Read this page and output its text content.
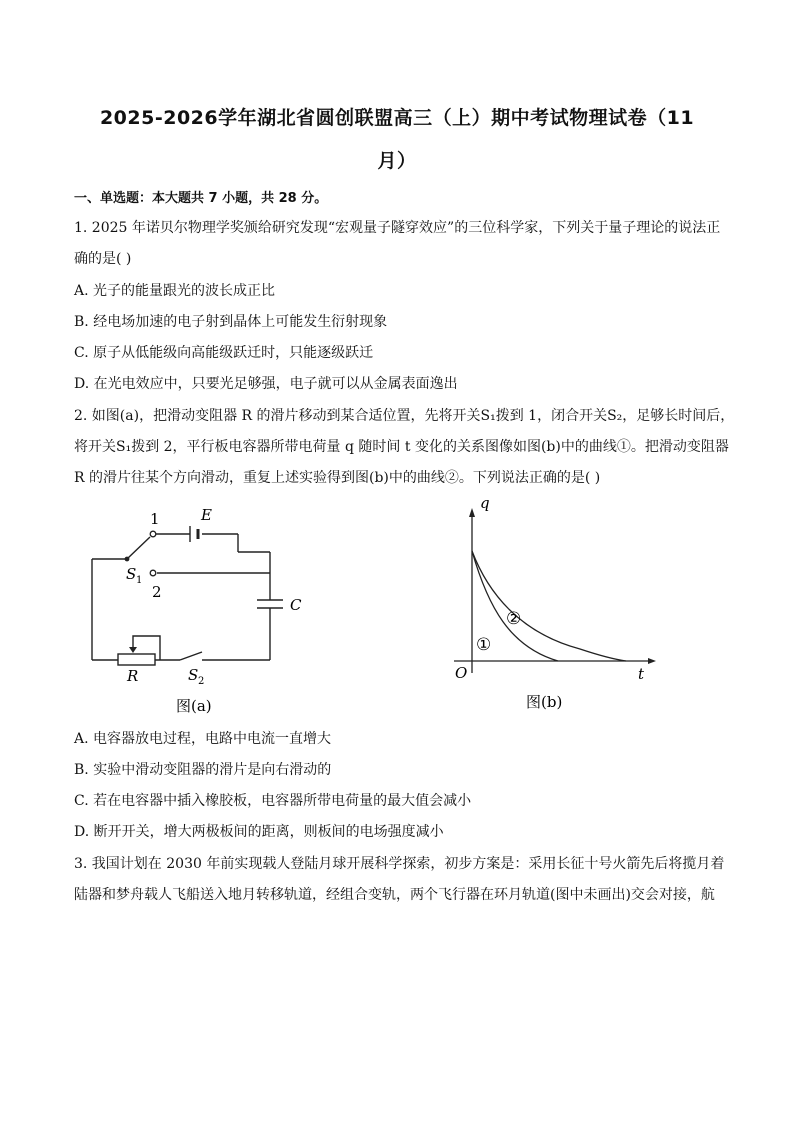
2025-2026学年湖北省圆创联盟高三（上）期中考试物理试卷（11
月）
一、单选题：本大题共 7 小题，共 28 分。
1. 2025 年诺贝尔物理学奖颁给研究发现“宏观量子隧穿效应”的三位科学家，下列关于量子理论的说法正
确的是( )
A. 光子的能量跟光的波长成正比
B. 经电场加速的电子射到晶体上可能发生衍射现象
C. 原子从低能级向高能级跃迁时，只能逐级跃迁
D. 在光电效应中，只要光足够强，电子就可以从金属表面逸出
2. 如图(a)，把滑动变阻器 R 的滑片移动到某合适位置，先将开关S₁拨到 1，闭合开关S₂，足够长时间后，
将开关S₁拨到 2，平行板电容器所带电荷量 q 随时间 t 变化的关系图像如图(b)中的曲线①。把滑动变阻器
R 的滑片往某个方向滑动，重复上述实验得到图(b)中的曲线②。下列说法正确的是( )
1
2
E
C
R
S 1
S 2
图(a)
q
t
O
①
②
图(b)
A. 电容器放电过程，电路中电流一直增大
B. 实验中滑动变阻器的滑片是向右滑动的
C. 若在电容器中插入橡胶板，电容器所带电荷量的最大值会减小
D. 断开开关，增大两极板间的距离，则板间的电场强度减小
3. 我国计划在 2030 年前实现载人登陆月球开展科学探索，初步方案是：采用长征十号火箭先后将揽月着
陆器和梦舟载人飞船送入地月转移轨道，经组合变轨，两个飞行器在环月轨道(图中未画出)交会对接，航
